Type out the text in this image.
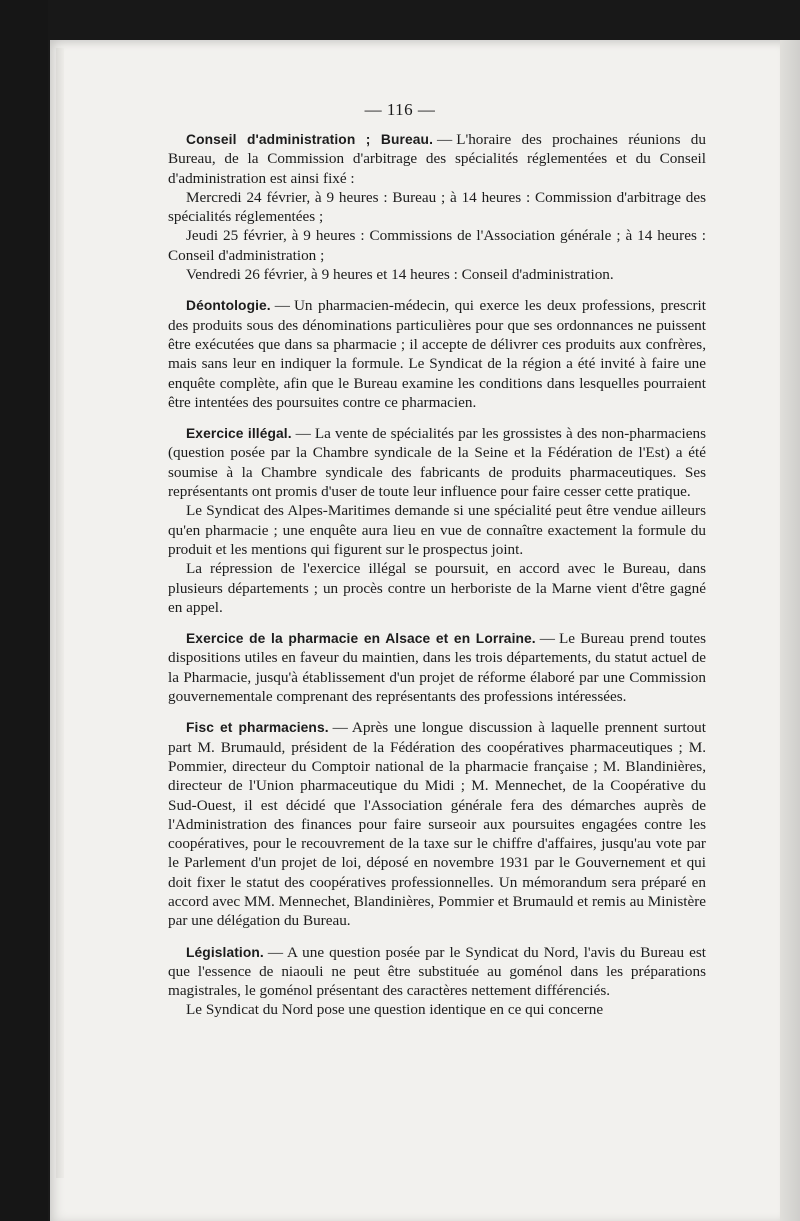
— 116 —

Conseil d'administration ; Bureau. — L'horaire des prochaines réunions du Bureau, de la Commission d'arbitrage des spécialités réglementées et du Conseil d'administration est ainsi fixé :

Mercredi 24 février, à 9 heures : Bureau ; à 14 heures : Commission d'arbitrage des spécialités réglementées ;

Jeudi 25 février, à 9 heures : Commissions de l'Association générale ; à 14 heures : Conseil d'administration ;

Vendredi 26 février, à 9 heures et 14 heures : Conseil d'administration.

Déontologie. — Un pharmacien-médecin, qui exerce les deux professions, prescrit des produits sous des dénominations particulières pour que ses ordonnances ne puissent être exécutées que dans sa pharmacie ; il accepte de délivrer ces produits aux confrères, mais sans leur en indiquer la formule. Le Syndicat de la région a été invité à faire une enquête complète, afin que le Bureau examine les conditions dans lesquelles pourraient être intentées des poursuites contre ce pharmacien.

Exercice illégal. — La vente de spécialités par les grossistes à des non-pharmaciens (question posée par la Chambre syndicale de la Seine et la Fédération de l'Est) a été soumise à la Chambre syndicale des fabricants de produits pharmaceutiques. Ses représentants ont promis d'user de toute leur influence pour faire cesser cette pratique.

Le Syndicat des Alpes-Maritimes demande si une spécialité peut être vendue ailleurs qu'en pharmacie ; une enquête aura lieu en vue de connaître exactement la formule du produit et les mentions qui figurent sur le prospectus joint.

La répression de l'exercice illégal se poursuit, en accord avec le Bureau, dans plusieurs départements ; un procès contre un herboriste de la Marne vient d'être gagné en appel.

Exercice de la pharmacie en Alsace et en Lorraine. — Le Bureau prend toutes dispositions utiles en faveur du maintien, dans les trois départements, du statut actuel de la Pharmacie, jusqu'à établissement d'un projet de réforme élaboré par une Commission gouvernementale comprenant des représentants des professions intéressées.

Fisc et pharmaciens. — Après une longue discussion à laquelle prennent surtout part M. Brumauld, président de la Fédération des coopératives pharmaceutiques ; M. Pommier, directeur du Comptoir national de la pharmacie française ; M. Blandinières, directeur de l'Union pharmaceutique du Midi ; M. Mennechet, de la Coopérative du Sud-Ouest, il est décidé que l'Association générale fera des démarches auprès de l'Administration des finances pour faire surseoir aux poursuites engagées contre les coopératives, pour le recouvrement de la taxe sur le chiffre d'affaires, jusqu'au vote par le Parlement d'un projet de loi, déposé en novembre 1931 par le Gouvernement et qui doit fixer le statut des coopératives professionnelles. Un mémorandum sera préparé en accord avec MM. Mennechet, Blandinières, Pommier et Brumauld et remis au Ministère par une délégation du Bureau.

Législation. — A une question posée par le Syndicat du Nord, l'avis du Bureau est que l'essence de niaouli ne peut être substituée au goménol dans les préparations magistrales, le goménol présentant des caractères nettement différenciés.

Le Syndicat du Nord pose une question identique en ce qui concerne
